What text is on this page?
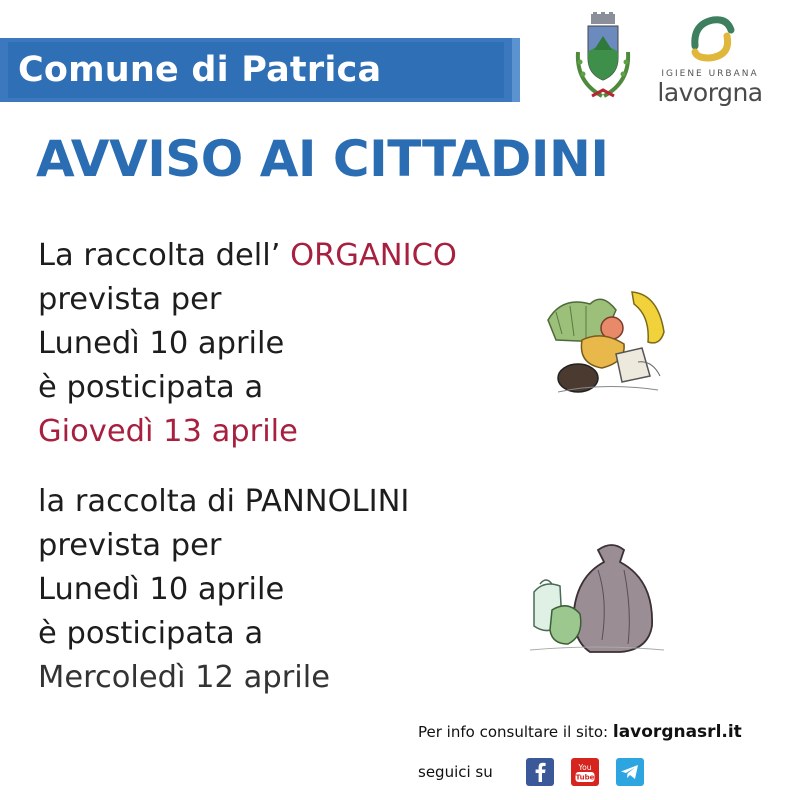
Comune di Patrica	IGIENE URBANA
lavorgna
AVVISO AI CITTADINI
La raccolta dell’ ORGANICO
prevista per
Lunedì 10 aprile
è posticipata a
Giovedì 13 aprile
la raccolta di PANNOLINI
prevista per
Lunedì 10 aprile
è posticipata a
Mercoledì 12 aprile
Per info consultare il sito: lavorgnasrl.it
seguici su	You
Tube
